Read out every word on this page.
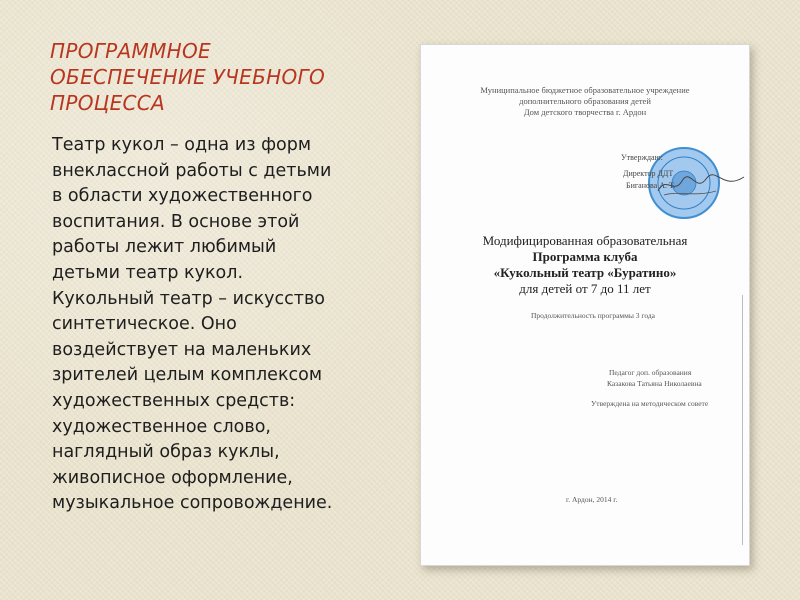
ПРОГРАММНОЕ
ОБЕСПЕЧЕНИЕ УЧЕБНОГО
ПРОЦЕССА

Театр кукол – одна из форм
внеклассной работы с детьми
в области художественного
воспитания. В основе этой
работы лежит любимый
детьми театр кукол.
Кукольный театр – искусство
синтетическое. Оно
воздействует на маленьких
зрителей целым комплексом
художественных средств:
художественное слово,
наглядный образ куклы,
живописное оформление,
музыкальное сопровождение.

Муниципальное бюджетное образовательное учреждение
дополнительного образования детей
Дом детского творчества г. Ардон
Утверждаю:
Директор ДДТ
Биганова А. Т.
Модифицированная образовательная
Программа клуба
«Кукольный театр «Буратино»
для детей от 7 до 11 лет
Продолжительность программы 3 года
Педагог доп. образования
Казакова Татьяна Николаевна
Утверждена на методическом совете
г. Ардон, 2014 г.
